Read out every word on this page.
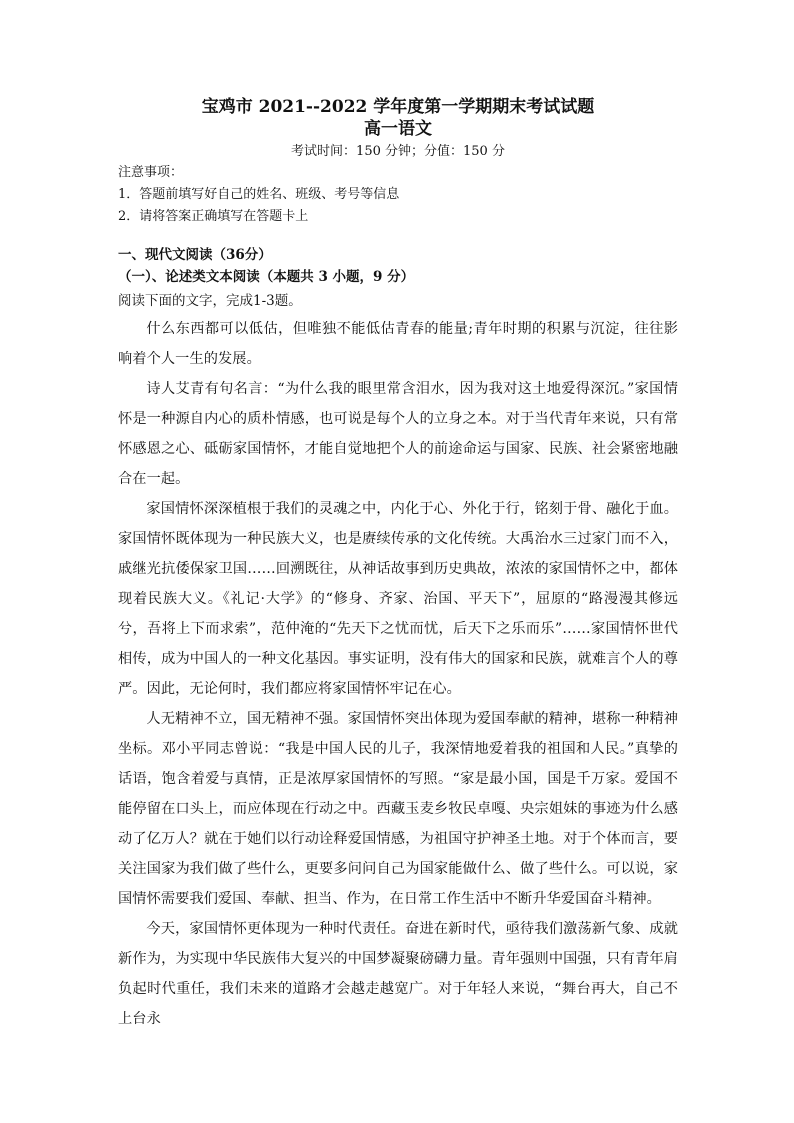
宝鸡市 2021--2022 学年度第一学期期末考试试题
高一语文
考试时间：150 分钟；分值：150 分
注意事项：
1．答题前填写好自己的姓名、班级、考号等信息
2．请将答案正确填写在答题卡上
一、现代文阅读（36分）
（一）、论述类文本阅读（本题共 3 小题，9 分）
阅读下面的文字，完成1-3题。

什么东西都可以低估，但唯独不能低估青春的能量;青年时期的积累与沉淀，往往影响着个人一生的发展。

诗人艾青有句名言：“为什么我的眼里常含泪水，因为我对这土地爱得深沉。”家国情怀是一种源自内心的质朴情感，也可说是每个人的立身之本。对于当代青年来说，只有常怀感恩之心、砥砺家国情怀，才能自觉地把个人的前途命运与国家、民族、社会紧密地融合在一起。

家国情怀深深植根于我们的灵魂之中，内化于心、外化于行，铭刻于骨、融化于血。家国情怀既体现为一种民族大义，也是赓续传承的文化传统。大禹治水三过家门而不入，戚继光抗倭保家卫国……回溯既往，从神话故事到历史典故，浓浓的家国情怀之中，都体现着民族大义。《礼记·大学》的“修身、齐家、治国、平天下”，屈原的“路漫漫其修远兮，吾将上下而求索”，范仲淹的“先天下之忧而忧，后天下之乐而乐”……家国情怀世代相传，成为中国人的一种文化基因。事实证明，没有伟大的国家和民族，就难言个人的尊严。因此，无论何时，我们都应将家国情怀牢记在心。

人无精神不立，国无精神不强。家国情怀突出体现为爱国奉献的精神，堪称一种精神坐标。邓小平同志曾说：“我是中国人民的儿子，我深情地爱着我的祖国和人民。”真挚的话语，饱含着爱与真情，正是浓厚家国情怀的写照。“家是最小国，国是千万家。爱国不能停留在口头上，而应体现在行动之中。西藏玉麦乡牧民卓嘎、央宗姐妹的事迹为什么感动了亿万人？就在于她们以行动诠释爱国情感，为祖国守护神圣土地。对于个体而言，要关注国家为我们做了些什么，更要多问问自己为国家能做什么、做了些什么。可以说，家国情怀需要我们爱国、奉献、担当、作为，在日常工作生活中不断升华爱国奋斗精神。

今天，家国情怀更体现为一种时代责任。奋进在新时代，亟待我们激荡新气象、成就新作为，为实现中华民族伟大复兴的中国梦凝聚磅礴力量。青年强则中国强，只有青年肩负起时代重任，我们未来的道路才会越走越宽广。对于年轻人来说，“舞台再大，自己不上台永
